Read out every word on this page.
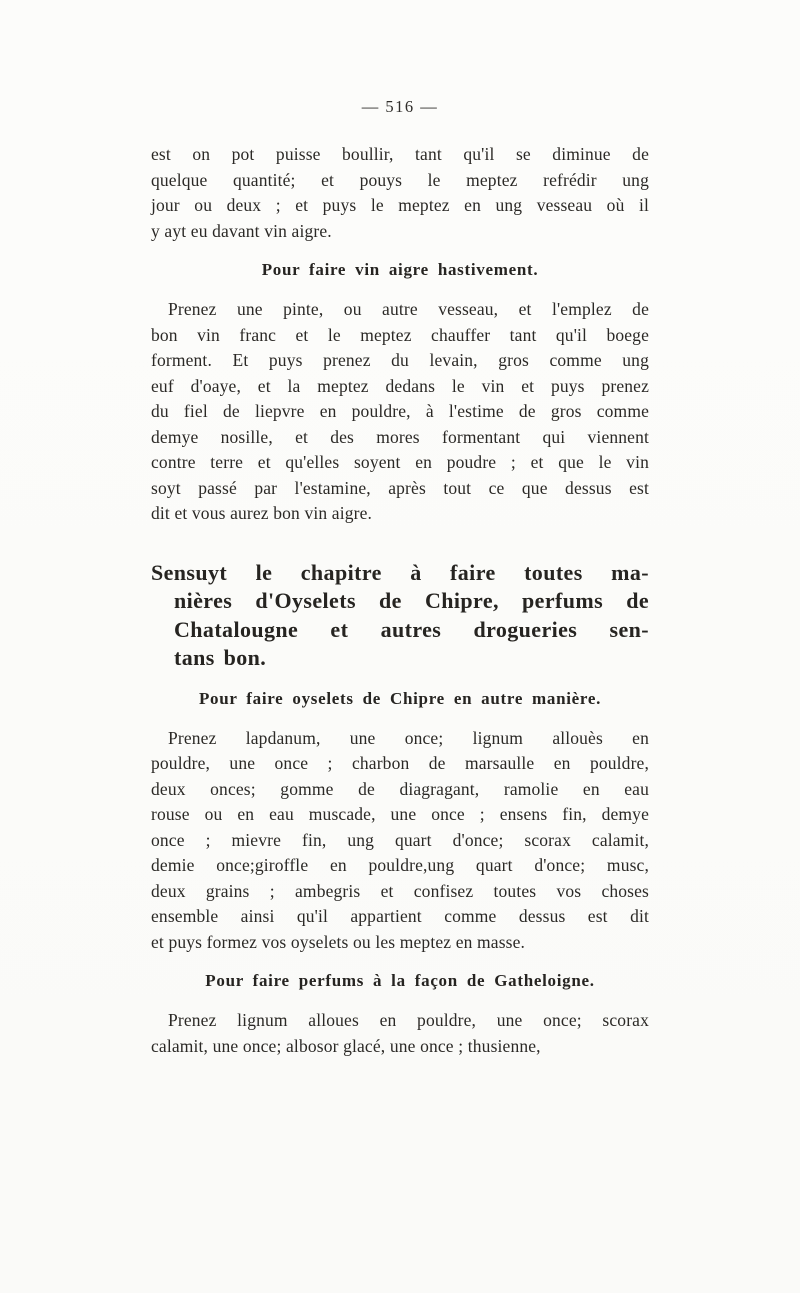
— 516 —
est on pot puisse boullir, tant qu'il se diminue de
quelque quantité; et pouys le meptez refrédir ung
jour ou deux ; et puys le meptez en ung vesseau où il
y ayt eu davant vin aigre.
Pour faire vin aigre hastivement.
Prenez une pinte, ou autre vesseau, et l'emplez de
bon vin franc et le meptez chauffer tant qu'il boege
forment. Et puys prenez du levain, gros comme ung
euf d'oaye, et la meptez dedans le vin et puys prenez
du fiel de liepvre en pouldre, à l'estime de gros comme
demye nosille, et des mores formentant qui viennent
contre terre et qu'elles soyent en poudre ; et que le vin
soyt passé par l'estamine, après tout ce que dessus est
dit et vous aurez bon vin aigre.
Sensuyt le chapitre à faire toutes ma-
nières d'Oyselets de Chipre, perfums de
Chatalougne et autres drogueries sen-
tans bon.
Pour faire oyselets de Chipre en autre manière.
Prenez lapdanum, une once; lignum allouès en
pouldre, une once ; charbon de marsaulle en pouldre,
deux onces; gomme de diagragant, ramolie en eau
rouse ou en eau muscade, une once ; ensens fin, demye
once ; mievre fin, ung quart d'once; scorax calamit,
demie once;giroffle en pouldre,ung quart d'once; musc,
deux grains ; ambegris et confisez toutes vos choses
ensemble ainsi qu'il appartient comme dessus est dit
et puys formez vos oyselets ou les meptez en masse.
Pour faire perfums à la façon de Gatheloigne.
Prenez lignum alloues en pouldre, une once; scorax
calamit, une once; albosor glacé, une once ; thusienne,
